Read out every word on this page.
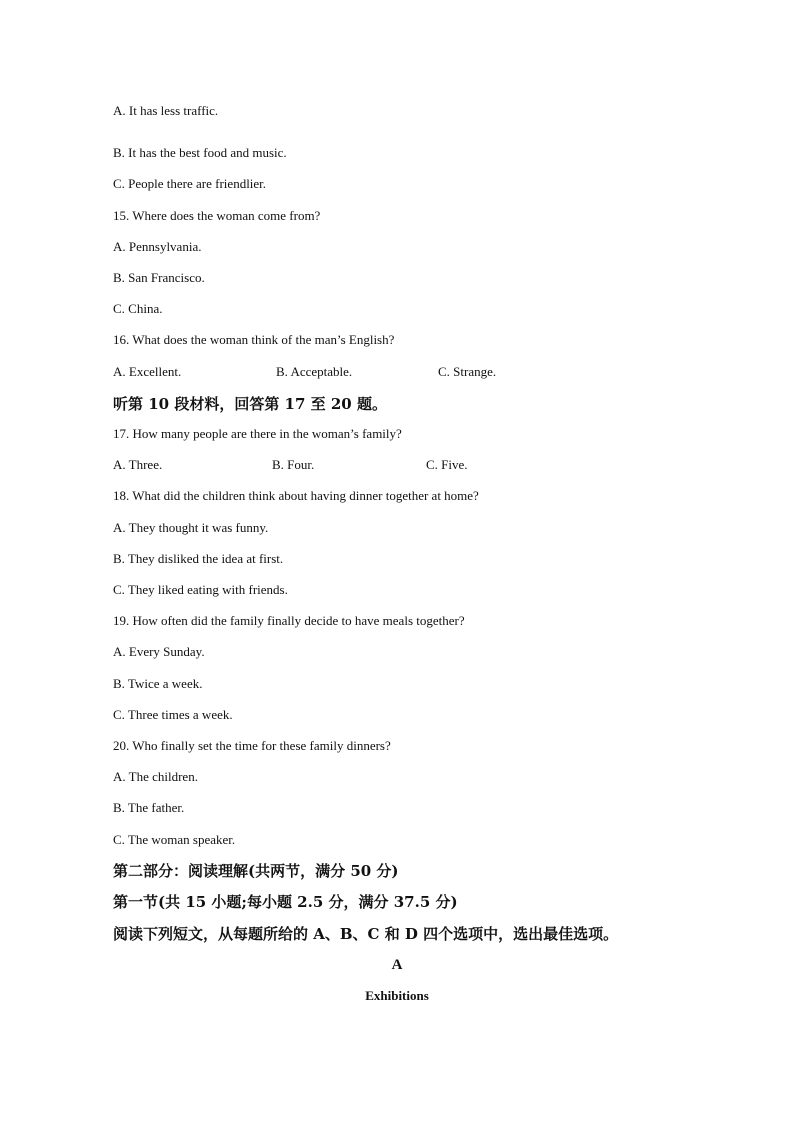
A. It has less traffic.
B. It has the best food and music.
C. People there are friendlier.
15. Where does the woman come from?
A. Pennsylvania.
B. San Francisco.
C. China.
16. What does the woman think of the man’s English?
A. Excellent.	B. Acceptable.	C. Strange.
听第 10 段材料，回答第 17 至 20 题。
17. How many people are there in the woman’s family?
A. Three.	B. Four.	C. Five.
18. What did the children think about having dinner together at home?
A. They thought it was funny.
B. They disliked the idea at first.
C. They liked eating with friends.
19. How often did the family finally decide to have meals together?
A. Every Sunday.
B. Twice a week.
C. Three times a week.
20. Who finally set the time for these family dinners?
A. The children.
B. The father.
C. The woman speaker.
第二部分：阅读理解(共两节，满分 50 分)
第一节(共 15 小题;每小题 2.5 分，满分 37.5 分)
阅读下列短文，从每题所给的 A、B、C 和 D 四个选项中，选出最佳选项。
A
Exhibitions
